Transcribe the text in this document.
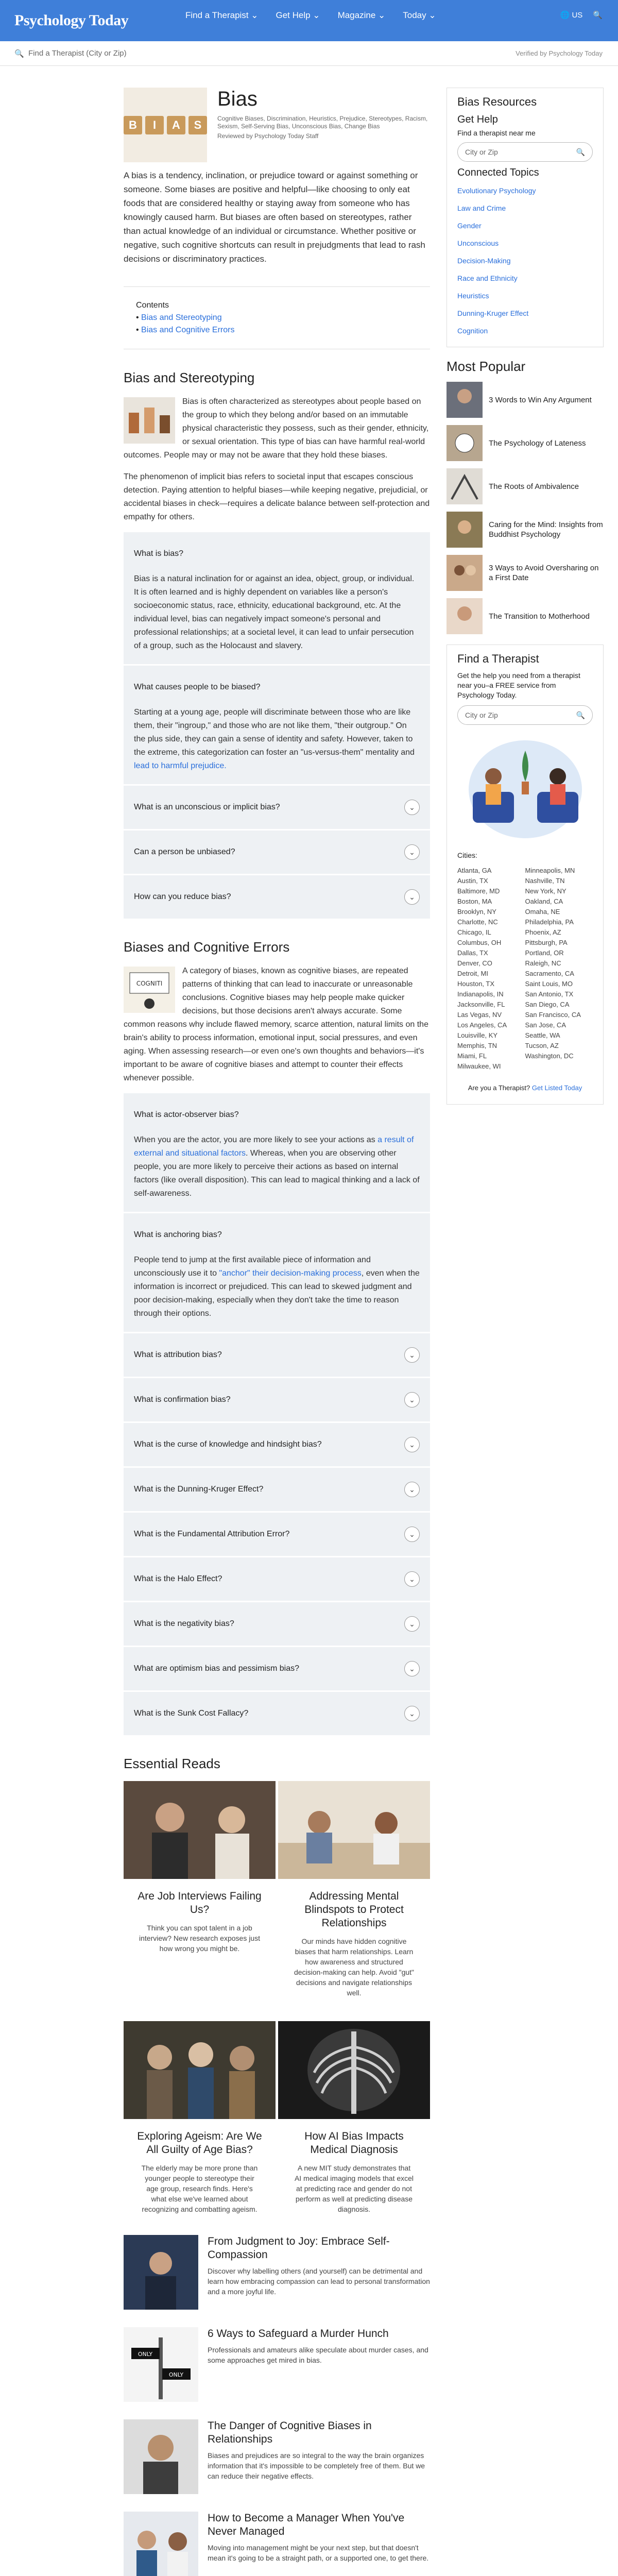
Psychology Today	Find a Therapist ⌄ Get Help ⌄ Magazine ⌄ Today ⌄	🌐 US 🔍
🔍 Find a Therapist (City or Zip)	Verified by Psychology Today
B	I	A	S
Bias
Cognitive Biases, Discrimination, Heuristics, Prejudice, Stereotypes, Racism, Sexism, Self-Serving Bias, Unconscious Bias, Change Bias
Reviewed by Psychology Today Staff

A bias is a tendency, inclination, or prejudice toward or against something or someone. Some biases are positive and helpful—like choosing to only eat foods that are considered healthy or staying away from someone who has knowingly caused harm. But biases are often based on stereotypes, rather than actual knowledge of an individual or circumstance. Whether positive or negative, such cognitive shortcuts can result in prejudgments that lead to rash decisions or discriminatory practices.

Contents
• Bias and Stereotyping
• Bias and Cognitive Errors
Bias and Stereotyping

Bias is often characterized as stereotypes about people based on the group to which they belong and/or based on an immutable physical characteristic they possess, such as their gender, ethnicity, or sexual orientation. This type of bias can have harmful real-world outcomes. People may or may not be aware that they hold these biases.

The phenomenon of implicit bias refers to societal input that escapes conscious detection. Paying attention to helpful biases—while keeping negative, prejudicial, or accidental biases in check—requires a delicate balance between self-protection and empathy for others.

What is bias?
Bias is a natural inclination for or against an idea, object, group, or individual. It is often learned and is highly dependent on variables like a person's socioeconomic status, race, ethnicity, educational background, etc. At the individual level, bias can negatively impact someone's personal and professional relationships; at a societal level, it can lead to unfair persecution of a group, such as the Holocaust and slavery.
What causes people to be biased?
Starting at a young age, people will discriminate between those who are like them, their "ingroup," and those who are not like them, "their outgroup." On the plus side, they can gain a sense of identity and safety. However, taken to the extreme, this categorization can foster an "us-versus-them" mentality and lead to harmful prejudice.
What is an unconscious or implicit bias?	⌄
Can a person be unbiased?	⌄
How can you reduce bias?	⌄
Biases and Cognitive Errors
COGNITI

A category of biases, known as cognitive biases, are repeated patterns of thinking that can lead to inaccurate or unreasonable conclusions. Cognitive biases may help people make quicker decisions, but those decisions aren't always accurate. Some common reasons why include flawed memory, scarce attention, natural limits on the brain's ability to process information, emotional input, social pressures, and even aging. When assessing research—or even one's own thoughts and behaviors—it's important to be aware of cognitive biases and attempt to counter their effects whenever possible.

What is actor-observer bias?
When you are the actor, you are more likely to see your actions as a result of external and situational factors. Whereas, when you are observing other people, you are more likely to perceive their actions as based on internal factors (like overall disposition). This can lead to magical thinking and a lack of self-awareness.
What is anchoring bias?
People tend to jump at the first available piece of information and unconsciously use it to "anchor" their decision-making process, even when the information is incorrect or prejudiced. This can lead to skewed judgment and poor decision-making, especially when they don't take the time to reason through their options.
What is attribution bias?	⌄
What is confirmation bias?	⌄
What is the curse of knowledge and hindsight bias?	⌄
What is the Dunning-Kruger Effect?	⌄
What is the Fundamental Attribution Error?	⌄
What is the Halo Effect?	⌄
What is the negativity bias?	⌄
What are optimism bias and pessimism bias?	⌄
What is the Sunk Cost Fallacy?	⌄
Essential Reads
Are Job Interviews Failing Us?

Think you can spot talent in a job interview? New research exposes just how wrong you might be.

Addressing Mental Blindspots to Protect Relationships

Our minds have hidden cognitive biases that harm relationships. Learn how awareness and structured decision-making can help. Avoid "gut" decisions and navigate relationships well.

Exploring Ageism: Are We All Guilty of Age Bias?

The elderly may be more prone than younger people to stereotype their age group, research finds. Here's what else we've learned about recognizing and combatting ageism.

How AI Bias Impacts Medical Diagnosis

A new MIT study demonstrates that AI medical imaging models that excel at predicting race and gender do not perform as well at predicting disease diagnosis.

From Judgment to Joy: Embrace Self-Compassion

Discover why labelling others (and yourself) can be detrimental and learn how embracing compassion can lead to personal transformation and a more joyful life.

ONLY
ONLY
6 Ways to Safeguard a Murder Hunch

Professionals and amateurs alike speculate about murder cases, and some approaches get mired in bias.

The Danger of Cognitive Biases in Relationships

Biases and prejudices are so integral to the way the brain organizes information that it's impossible to be completely free of them. But we can reduce their negative effects.

How to Become a Manager When You've Never Managed

Moving into management might be your next step, but that doesn't mean it's going to be a straight path, or a supported one, to get there.

Bias Resources
Get Help
Find a therapist near me
City or Zip	🔍
Connected Topics
Evolutionary Psychology
Law and Crime
Gender
Unconscious
Decision-Making
Race and Ethnicity
Heuristics
Dunning-Kruger Effect
Cognition
Most Popular
3 Words to Win Any Argument
The Psychology of Lateness
The Roots of Ambivalence
Caring for the Mind: Insights from Buddhist Psychology
3 Ways to Avoid Oversharing on a First Date
The Transition to Motherhood
Find a Therapist
Get the help you need from a therapist near you–a FREE service from Psychology Today.
City or Zip	🔍
Cities:
Atlanta, GA	Minneapolis, MN
Austin, TX	Nashville, TN
Baltimore, MD	New York, NY
Boston, MA	Oakland, CA
Brooklyn, NY	Omaha, NE
Charlotte, NC	Philadelphia, PA
Chicago, IL	Phoenix, AZ
Columbus, OH	Pittsburgh, PA
Dallas, TX	Portland, OR
Denver, CO	Raleigh, NC
Detroit, MI	Sacramento, CA
Houston, TX	Saint Louis, MO
Indianapolis, IN	San Antonio, TX
Jacksonville, FL	San Diego, CA
Las Vegas, NV	San Francisco, CA
Los Angeles, CA	San Jose, CA
Louisville, KY	Seattle, WA
Memphis, TN	Tucson, AZ
Miami, FL	Washington, DC
Milwaukee, WI
Are you a Therapist? Get Listed Today
